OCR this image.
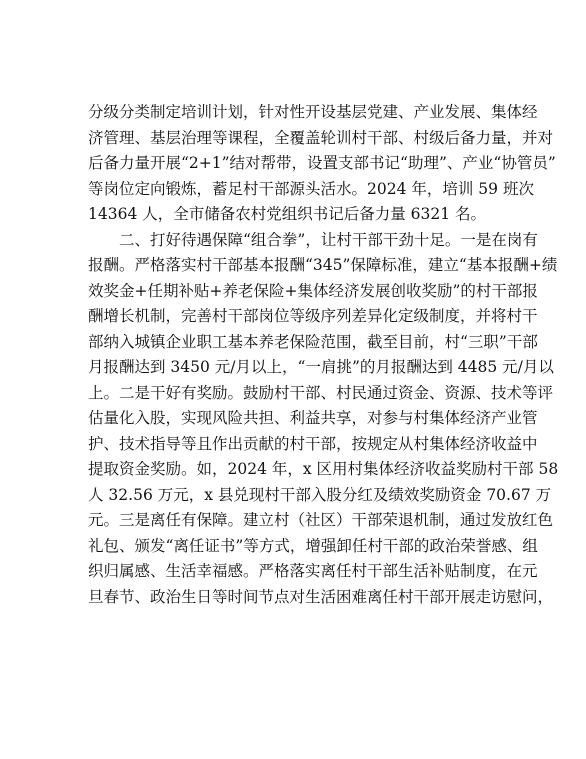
分级分类制定培训计划，针对性开设基层党建、产业发展、集体经
济管理、基层治理等课程，全覆盖轮训村干部、村级后备力量，并对
后备力量开展“2+1”结对帮带，设置支部书记“助理”、产业“协管员”
等岗位定向锻炼，蓄足村干部源头活水。2024 年，培训 59 班次
14364 人，全市储备农村党组织书记后备力量 6321 名。
二、打好待遇保障“组合拳”，让村干部干劲十足。一是在岗有
报酬。严格落实村干部基本报酬“345”保障标准，建立“基本报酬+绩
效奖金+任期补贴+养老保险+集体经济发展创收奖励”的村干部报
酬增长机制，完善村干部岗位等级序列差异化定级制度，并将村干
部纳入城镇企业职工基本养老保险范围，截至目前，村“三职”干部
月报酬达到 3450 元/月以上，“一肩挑”的月报酬达到 4485 元/月以
上。二是干好有奖励。鼓励村干部、村民通过资金、资源、技术等评
估量化入股，实现风险共担、利益共享，对参与村集体经济产业管
护、技术指导等且作出贡献的村干部，按规定从村集体经济收益中
提取资金奖励。如，2024 年，x 区用村集体经济收益奖励村干部 58
人 32.56 万元，x 县兑现村干部入股分红及绩效奖励资金 70.67 万
元。三是离任有保障。建立村（社区）干部荣退机制，通过发放红色
礼包、颁发“离任证书”等方式，增强卸任村干部的政治荣誉感、组
织归属感、生活幸福感。严格落实离任村干部生活补贴制度，在元
旦春节、政治生日等时间节点对生活困难离任村干部开展走访慰问，
